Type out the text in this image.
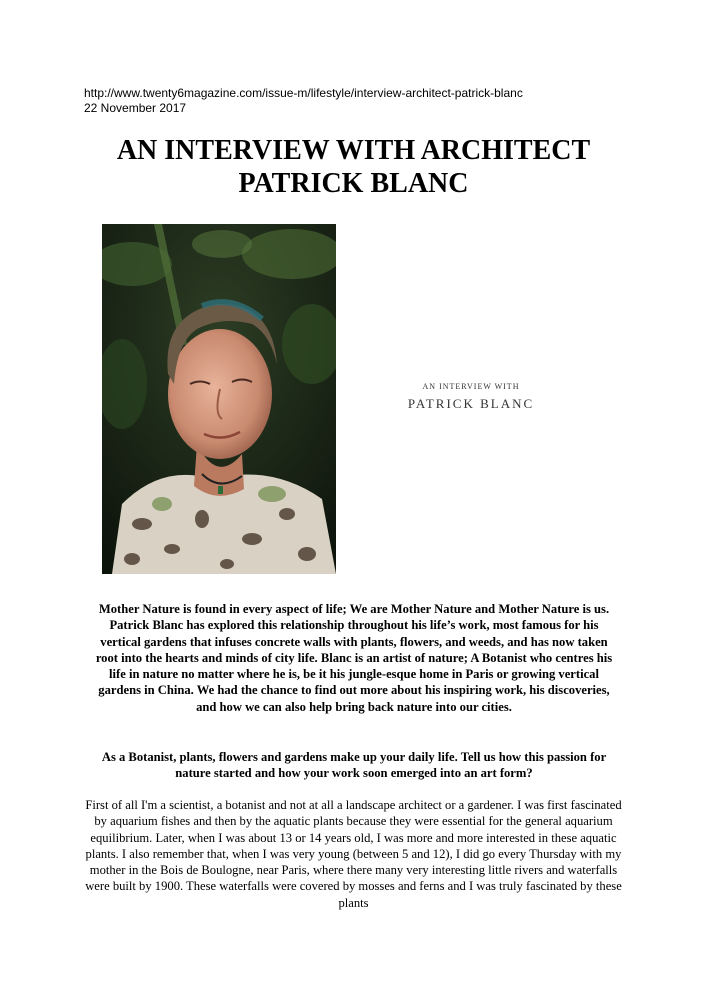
http://www.twenty6magazine.com/issue-m/lifestyle/interview-architect-patrick-blanc
22 November 2017
AN INTERVIEW WITH ARCHITECT
PATRICK BLANC
AN INTERVIEW WITH
PATRICK BLANC
Mother Nature is found in every aspect of life; We are Mother Nature and Mother Nature is us. Patrick Blanc has explored this relationship throughout his life’s work, most famous for his vertical gardens that infuses concrete walls with plants, flowers, and weeds, and has now taken root into the hearts and minds of city life. Blanc is an artist of nature; A Botanist who centres his life in nature no matter where he is, be it his jungle-esque home in Paris or growing vertical gardens in China. We had the chance to find out more about his inspiring work, his discoveries, and how we can also help bring back nature into our cities.
As a Botanist, plants, flowers and gardens make up your daily life. Tell us how this passion for nature started and how your work soon emerged into an art form?
First of all I'm a scientist, a botanist and not at all a landscape architect or a gardener. I was first fascinated by aquarium fishes and then by the aquatic plants because they were essential for the general aquarium equilibrium. Later, when I was about 13 or 14 years old, I was more and more interested in these aquatic plants. I also remember that, when I was very young (between 5 and 12), I did go every Thursday with my mother in the Bois de Boulogne, near Paris, where there many very interesting little rivers and waterfalls were built by 1900. These waterfalls were covered by mosses and ferns and I was truly fascinated by these plants
